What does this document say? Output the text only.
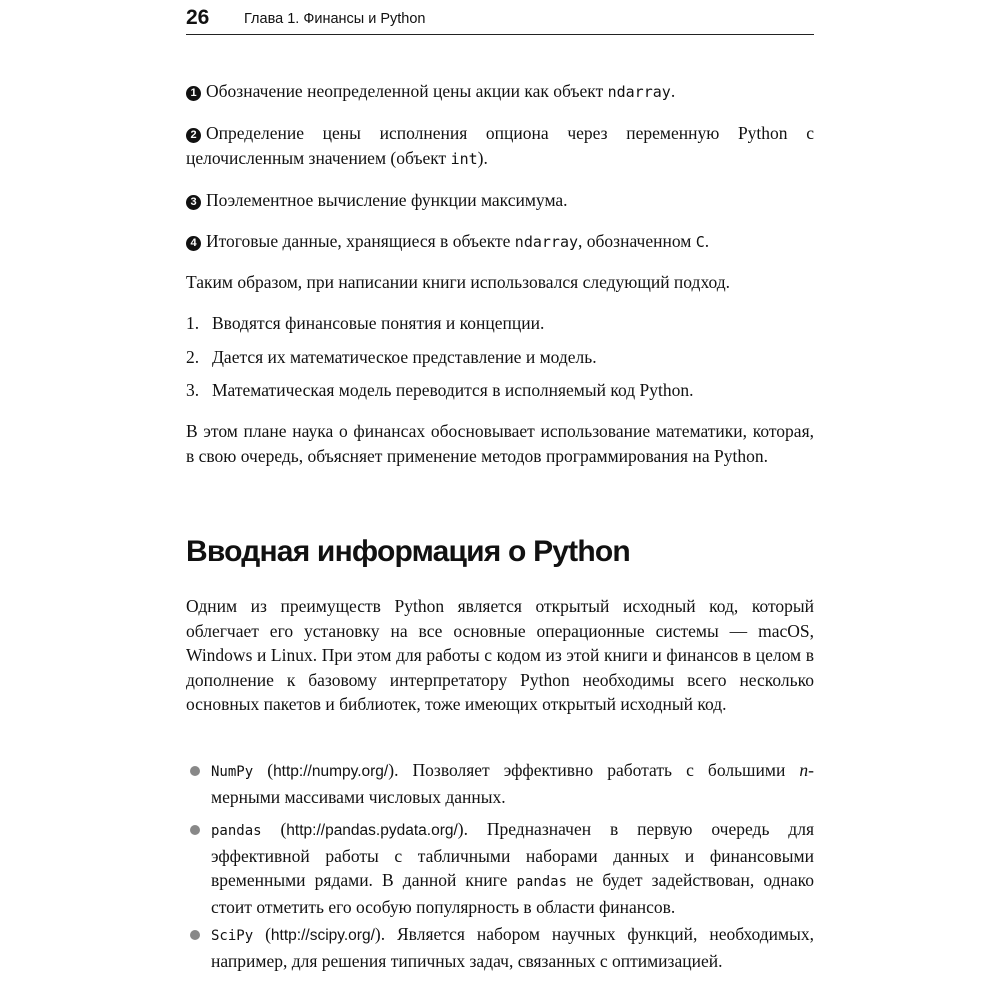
26 Глава 1. Финансы и Python

1 Обозначение неопределенной цены акции как объект ndarray.

2 Определение цены исполнения опциона через переменную Python с целочисленным значением (объект int).

3 Поэлементное вычисление функции максимума.

4 Итоговые данные, хранящиеся в объекте ndarray, обозначенном C.

Таким образом, при написании книги использовался следующий подход.

1. Вводятся финансовые понятия и концепции.

2. Дается их математическое представление и модель.

3. Математическая модель переводится в исполняемый код Python.

В этом плане наука о финансах обосновывает использование математики, которая, в свою очередь, объясняет применение методов программирования на Python.

Вводная информация о Python

Одним из преимуществ Python является открытый исходный код, который облегчает его установку на все основные операционные системы — macOS, Windows и Linux. При этом для работы с кодом из этой книги и финансов в целом в дополнение к базовому интерпретатору Python необходимы всего несколько основных пакетов и библиотек, тоже имеющих открытый исходный код.

NumPy (http://numpy.org/). Позволяет эффективно работать с большими n-мерными массивами числовых данных.

pandas (http://pandas.pydata.org/). Предназначен в первую очередь для эффективной работы с табличными наборами данных и финансовыми временными рядами. В данной книге pandas не будет задействован, однако стоит отметить его особую популярность в области финансов.

SciPy (http://scipy.org/). Является набором научных функций, необходимых, например, для решения типичных задач, связанных с оптимизацией.
